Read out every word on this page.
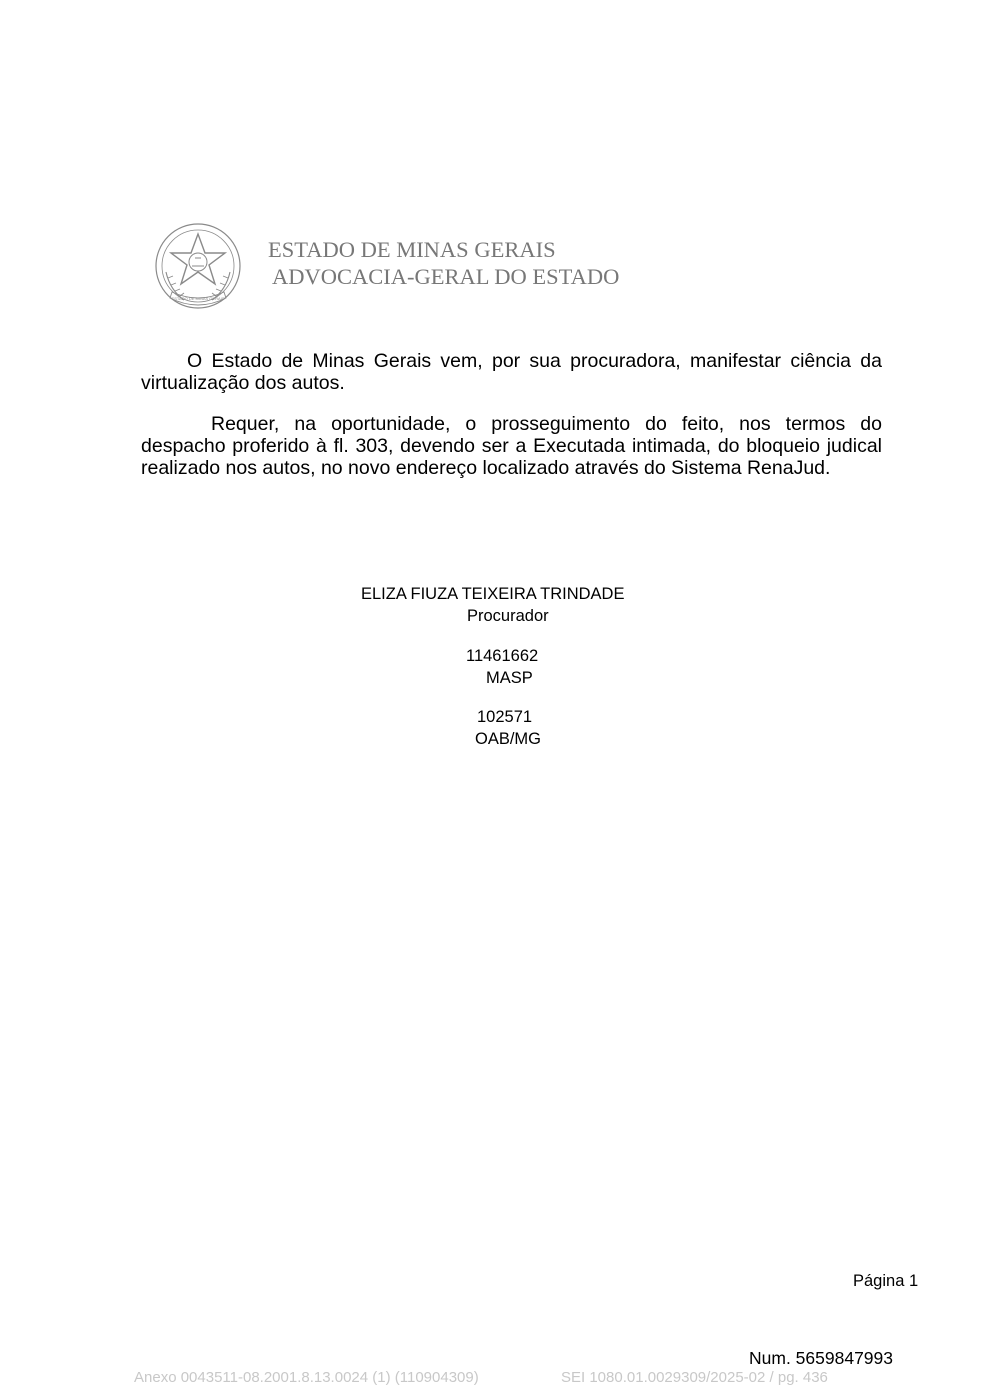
ESTADO DE MINAS GERAIS
ESTADO DE MINAS GERAIS
ADVOCACIA-GERAL DO ESTADO

O Estado de Minas Gerais vem, por sua procuradora, manifestar ciência da virtualização dos autos.

Requer, na oportunidade, o prosseguimento do feito, nos termos do despacho proferido à fl. 303, devendo ser a Executada intimada, do bloqueio judical realizado nos autos, no novo endereço localizado através do Sistema RenaJud.

ELIZA FIUZA TEIXEIRA TRINDADE
Procurador
11461662
MASP
102571
OAB/MG
Página 1
Num. 5659847993
Anexo 0043511-08.2001.8.13.0024 (1) (110904309)	SEI 1080.01.0029309/2025-02 / pg. 436
